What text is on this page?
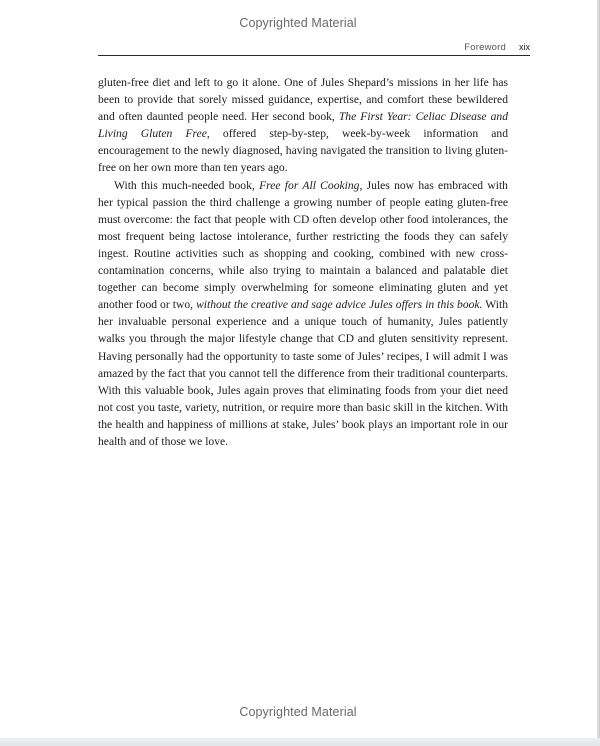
Copyrighted Material
Foreword xix

gluten-free diet and left to go it alone. One of Jules Shepard’s missions in her life has been to provide that sorely missed guidance, expertise, and comfort these bewildered and often daunted people need. Her second book, The First Year: Celiac Disease and Living Gluten Free, offered step-by-step, week-by-week information and encouragement to the newly diagnosed, having navigated the transition to living gluten-free on her own more than ten years ago.

With this much-needed book, Free for All Cooking, Jules now has embraced with her typical passion the third challenge a growing number of people eating gluten-free must overcome: the fact that people with CD often develop other food intolerances, the most frequent being lactose intolerance, further restricting the foods they can safely ingest. Routine activities such as shopping and cooking, combined with new cross-contamination concerns, while also trying to maintain a balanced and palatable diet together can become simply overwhelming for someone eliminating gluten and yet another food or two, without the creative and sage advice Jules offers in this book. With her invaluable personal experience and a unique touch of humanity, Jules patiently walks you through the major lifestyle change that CD and gluten sensitivity represent. Having personally had the opportunity to taste some of Jules’ recipes, I will admit I was amazed by the fact that you cannot tell the difference from their traditional counterparts. With this valuable book, Jules again proves that eliminating foods from your diet need not cost you taste, variety, nutrition, or require more than basic skill in the kitchen. With the health and happiness of millions at stake, Jules’ book plays an important role in our health and of those we love.

Copyrighted Material
